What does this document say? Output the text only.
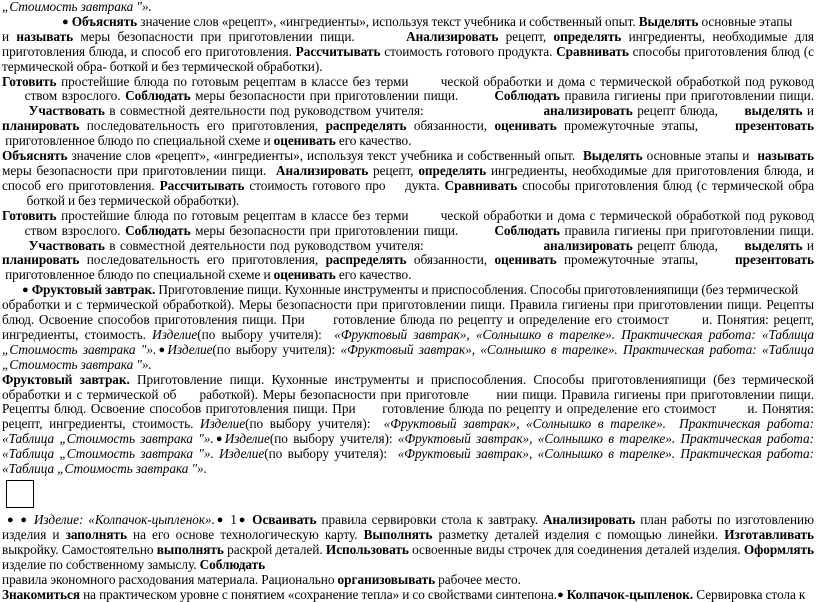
„Стоимость завтрака "».

● Объяснять значение слов «рецепт», «ингредиенты», используя текст учебника и собственный опыт. Выделять основные этапы

и называть меры безопасности при приготовлении пищи.       Анализировать рецепт, определять ингредиенты, необходимые для приготовления блюда, и способ его приготовления. Рассчитывать стоимость готового продукта. Сравнивать способы приготовления блюд (с термической обра- боткой и без термической обработки).

Готовить простейшие блюда по готовым рецептам в классе без терми       ческой обработки и дома с термической обработкой под руковод      ством взрослого. Соблюдать меры безопасности при приготовлении пищи.        Соблюдать правила гигиены при приготовлении пищи.       Участвовать в совместной деятельности под руководством учителя:                           анализировать рецепт блюда,      выделять и планировать последовательность его приготовления, распределять обязанности, оценивать промежуточные этапы,     презентовать  приготовленное блюдо по специальной схеме и оценивать его качество.

Объяснять значение слов «рецепт», «ингредиенты», используя текст учебника и собственный опыт.  Выделять основные этапы и  называть меры безопасности при приготовлении пищи.  Анализировать рецепт, определять ингредиенты, необходимые для приготовления блюда, и способ его приготовления. Рассчитывать стоимость готового про    дукта. Сравнивать способы приготовления блюд (с термической обра         боткой и без термической обработки).

Готовить простейшие блюда по готовым рецептам в классе без терми       ческой обработки и дома с термической обработкой под руковод      ством взрослого. Соблюдать меры безопасности при приготовлении пищи.        Соблюдать правила гигиены при приготовлении пищи.       Участвовать в совместной деятельности под руководством учителя:                           анализировать рецепт блюда,      выделять и планировать последовательность его приготовления, распределять обязанности, оценивать промежуточные этапы,     презентовать  приготовленное блюдо по специальной схеме и оценивать его качество.

● Фруктовый завтрак. Приготовление пищи. Кухонные инструменты и приспособления. Способы приготовленияпищи (без термической

обработки и с термической обработкой). Меры безопасности при приготовлении пищи. Правила гигиены при приготовлении пищи. Рецепты блюд. Освоение способов приготовления пищи. При      готовление блюда по рецепту и определение его стоимост       и. Понятия: рецепт, ингредиенты, стоимость. Изделие(по выбору учителя):  «Фруктовый завтрак», «Солнышко в тарелке». Практическая работа: «Таблица „Стоимость завтрака "».●Изделие(по выбору учителя): «Фруктовый завтрак», «Солнышко в тарелке». Практическая работа: «Таблица „Стоимость завтрака "».

Фруктовый завтрак. Приготовление пищи. Кухонные инструменты и приспособления. Способы приготовленияпищи (без термической обработки и с термической об     работкой). Меры безопасности при приготовле      нии пищи. Правила гигиены при приготовлении пищи. Рецепты блюд. Освоение способов приготовления пищи. При      готовление блюда по рецепту и определение его стоимост       и. Понятия: рецепт, ингредиенты, стоимость. Изделие(по выбору учителя):  «Фруктовый завтрак», «Солнышко в тарелке».  Практическая работа: «Таблица „Стоимость завтрака "».●Изделие(по выбору учителя): «Фруктовый завтрак», «Солнышко в тарелке». Практическая работа: «Таблица „Стоимость завтрака "». Изделие(по выбору учителя):  «Фруктовый завтрак», «Солнышко в тарелке». Практическая работа: «Таблица „Стоимость завтрака "».

● ● Изделие: «Колпачок-цыпленок».● 1● Осваивать правила сервировки стола к завтраку. Анализировать план работы по изготовлению изделия и заполнять на его основе технологическую карту. Выполнять разметку деталей изделия с помощью линейки. Изготавливать выкройку. Самостоятельно выполнять раскрой деталей. Использовать освоенные виды строчек для соединения деталей изделия. Оформлять изделие по собственному замыслу. Соблюдать

правила экономного расходования материала. Рационально организовывать рабочее место.

Знакомиться на практическом уровне с понятием «сохранение тепла» и со свойствами синтепона.● Колпачок-цыпленок. Сервировка стола к
